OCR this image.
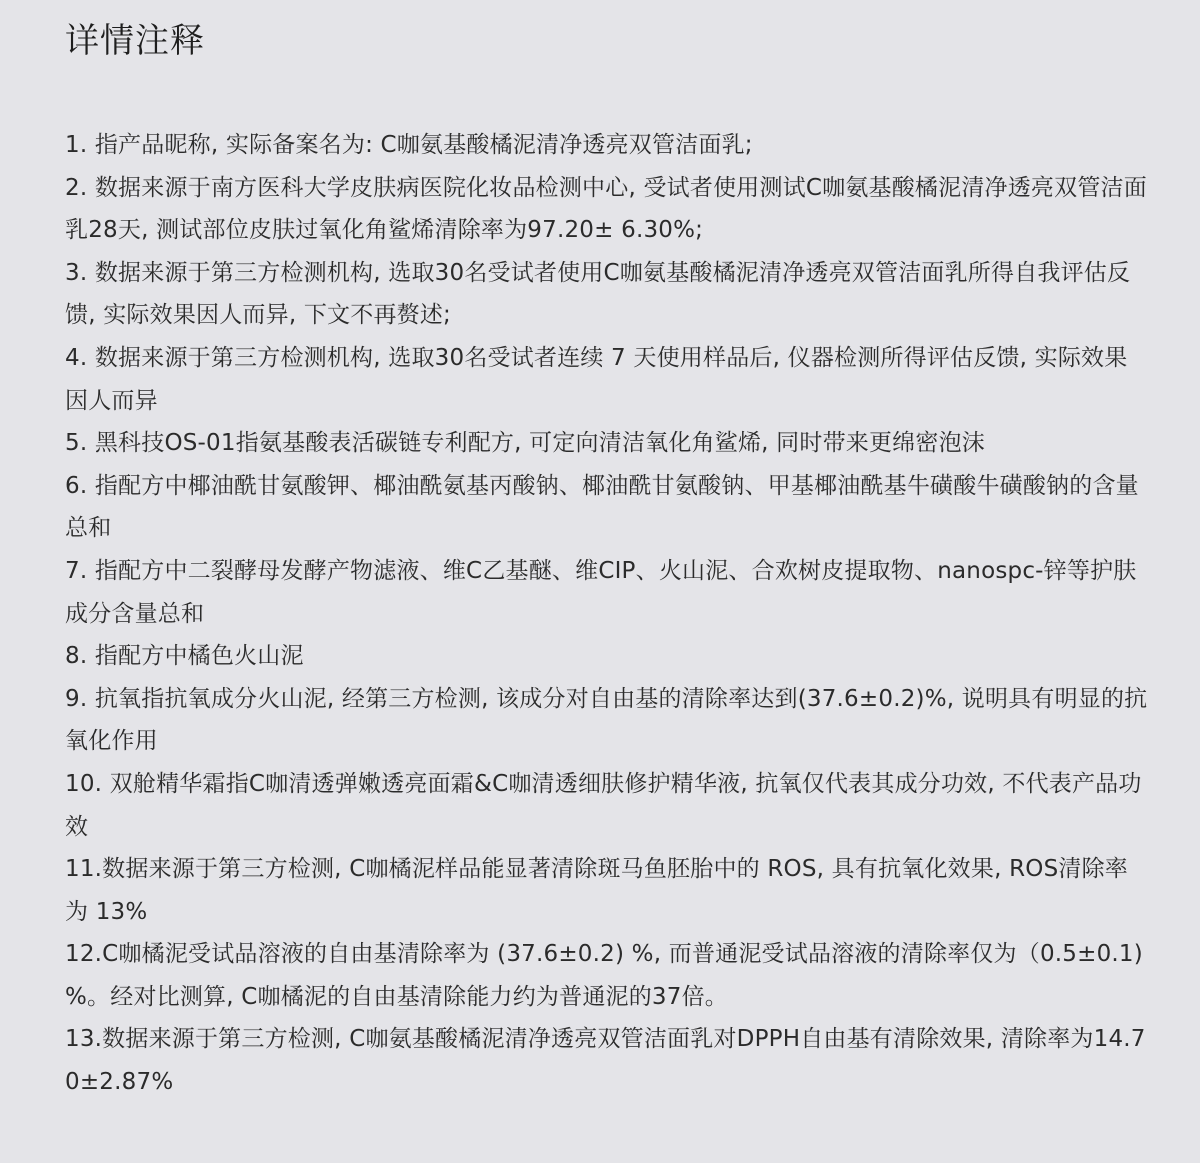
详情注释
1. 指产品昵称, 实际备案名为: C咖氨基酸橘泥清净透亮双管洁面乳;
2. 数据来源于南方医科大学皮肤病医院化妆品检测中心, 受试者使用测试C咖氨基酸橘泥清净透亮双管洁面乳28天, 测试部位皮肤过氧化角鲨烯清除率为97.20± 6.30%;
3. 数据来源于第三方检测机构, 选取30名受试者使用C咖氨基酸橘泥清净透亮双管洁面乳所得自我评估反馈, 实际效果因人而异, 下文不再赘述;
4. 数据来源于第三方检测机构, 选取30名受试者连续 7 天使用样品后, 仪器检测所得评估反馈, 实际效果因人而异
5. 黑科技OS-01指氨基酸表活碳链专利配方, 可定向清洁氧化角鲨烯, 同时带来更绵密泡沫
6. 指配方中椰油酰甘氨酸钾、椰油酰氨基丙酸钠、椰油酰甘氨酸钠、甲基椰油酰基牛磺酸牛磺酸钠的含量总和
7. 指配方中二裂酵母发酵产物滤液、维C乙基醚、维CIP、火山泥、合欢树皮提取物、nanospc-锌等护肤成分含量总和
8. 指配方中橘色火山泥
9. 抗氧指抗氧成分火山泥, 经第三方检测, 该成分对自由基的清除率达到(37.6±0.2)%, 说明具有明显的抗氧化作用
10. 双舱精华霜指C咖清透弹嫩透亮面霜&C咖清透细肤修护精华液, 抗氧仅代表其成分功效, 不代表产品功效
11.数据来源于第三方检测, C咖橘泥样品能显著清除斑马鱼胚胎中的 ROS, 具有抗氧化效果, ROS清除率为 13%
12.C咖橘泥受试品溶液的自由基清除率为 (37.6±0.2) %, 而普通泥受试品溶液的清除率仅为（0.5±0.1) %。经对比测算, C咖橘泥的自由基清除能力约为普通泥的37倍。
13.数据来源于第三方检测, C咖氨基酸橘泥清净透亮双管洁面乳对DPPH自由基有清除效果, 清除率为14.70±2.87%
